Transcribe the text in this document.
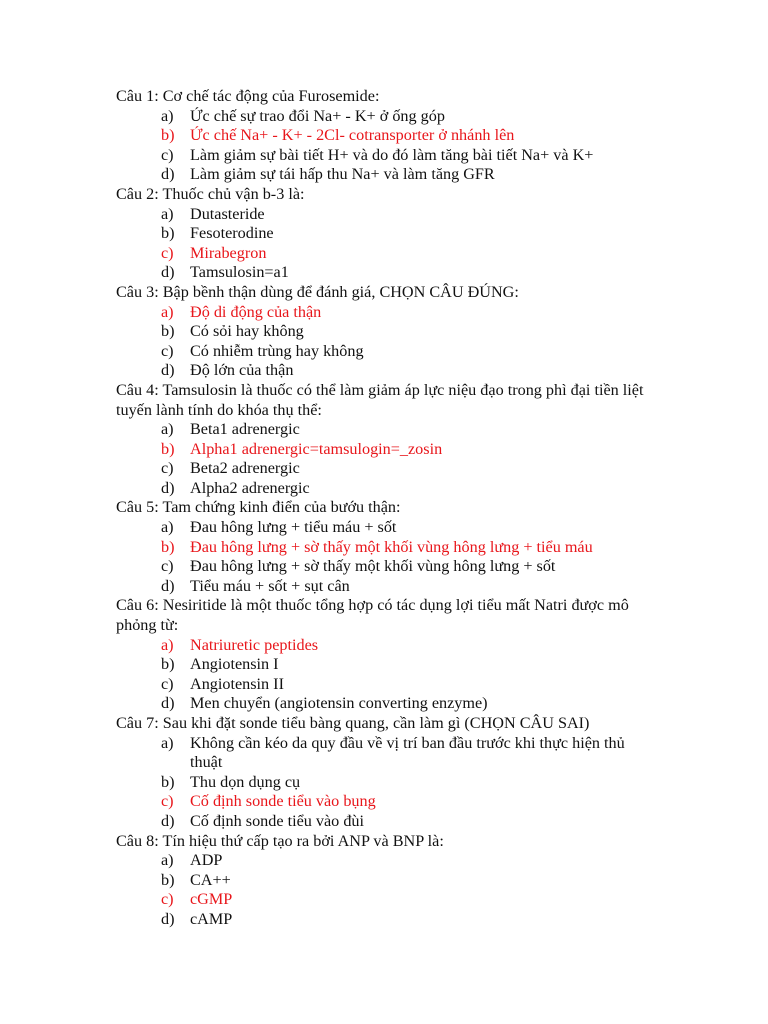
Câu 1: Cơ chế tác động của Furosemide:
a)	Ức chế sự trao đổi Na+ - K+ ở ống góp
b) Ức chế Na+ - K+ - 2Cl- cotransporter ở nhánh lên
c)	Làm giảm sự bài tiết H+ và do đó làm tăng bài tiết Na+ và K+
d) Làm giảm sự tái hấp thu Na+ và làm tăng GFR
Câu 2: Thuốc chủ vận b-3 là:
a)	Dutasteride
b) Fesoterodine
c)	Mirabegron
d) Tamsulosin=a1
Câu 3: Bập bềnh thận dùng để đánh giá, CHỌN CÂU ĐÚNG:
a)	Độ di động của thận
b) Có sỏi hay không
c)	Có nhiễm trùng hay không
d) Độ lớn của thận
Câu 4: Tamsulosin là thuốc có thể làm giảm áp lực niệu đạo trong phì đại tiền liệt tuyến lành tính do khóa thụ thể:
a)	Beta1 adrenergic
b) Alpha1 adrenergic=tamsulogin=_zosin
c)	Beta2 adrenergic
d) Alpha2 adrenergic
Câu 5: Tam chứng kinh điển của bướu thận:
a)	Đau hông lưng + tiểu máu + sốt
b) Đau hông lưng + sờ thấy một khối vùng hông lưng + tiểu máu
c)	Đau hông lưng + sờ thấy một khối vùng hông lưng + sốt
d) Tiểu máu + sốt + sụt cân
Câu 6: Nesiritide là một thuốc tổng hợp có tác dụng lợi tiểu mất Natri được mô phỏng từ:
a)	Natriuretic peptides
b) Angiotensin I
c)	Angiotensin II
d) Men chuyển (angiotensin converting enzyme)
Câu 7: Sau khi đặt sonde tiểu bàng quang, cần làm gì (CHỌN CÂU SAI)
a)	Không cần kéo da quy đầu về vị trí ban đầu trước khi thực hiện thủ thuật
b) Thu dọn dụng cụ
c)	Cố định sonde tiểu vào bụng
d) Cố định sonde tiểu vào đùi
Câu 8: Tín hiệu thứ cấp tạo ra bởi ANP và BNP là:
a)	ADP
b) CA++
c)	cGMP
d) cAMP
